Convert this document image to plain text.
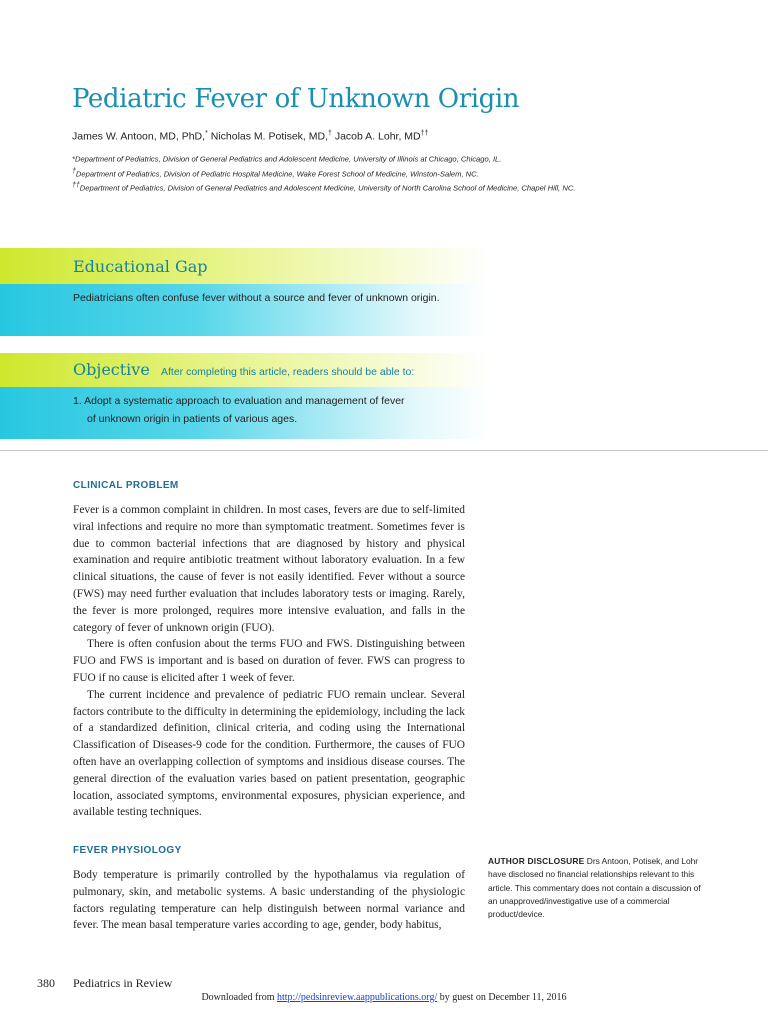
Pediatric Fever of Unknown Origin
James W. Antoon, MD, PhD,* Nicholas M. Potisek, MD,† Jacob A. Lohr, MD††
*Department of Pediatrics, Division of General Pediatrics and Adolescent Medicine, University of Illinois at Chicago, Chicago, IL.
†Department of Pediatrics, Division of Pediatric Hospital Medicine, Wake Forest School of Medicine, Winston-Salem, NC.
††Department of Pediatrics, Division of General Pediatrics and Adolescent Medicine, University of North Carolina School of Medicine, Chapel Hill, NC.
Educational Gap
Pediatricians often confuse fever without a source and fever of unknown origin.
Objective After completing this article, readers should be able to:
1. Adopt a systematic approach to evaluation and management of fever
of unknown origin in patients of various ages.
CLINICAL PROBLEM

Fever is a common complaint in children. In most cases, fevers are due to self-limited viral infections and require no more than symptomatic treatment. Sometimes fever is due to common bacterial infections that are diagnosed by history and physical examination and require antibiotic treatment without laboratory evaluation. In a few clinical situations, the cause of fever is not easily identified. Fever without a source (FWS) may need further evaluation that includes laboratory tests or imaging. Rarely, the fever is more prolonged, requires more intensive evaluation, and falls in the category of fever of unknown origin (FUO).

There is often confusion about the terms FUO and FWS. Distinguishing between FUO and FWS is important and is based on duration of fever. FWS can progress to FUO if no cause is elicited after 1 week of fever.

The current incidence and prevalence of pediatric FUO remain unclear. Several factors contribute to the difficulty in determining the epidemiology, including the lack of a standardized definition, clinical criteria, and coding using the International Classification of Diseases-9 code for the condition. Furthermore, the causes of FUO often have an overlapping collection of symptoms and insidious disease courses. The general direction of the evaluation varies based on patient presentation, geographic location, associated symptoms, environmental exposures, physician experience, and available testing techniques.

FEVER PHYSIOLOGY

Body temperature is primarily controlled by the hypothalamus via regulation of pulmonary, skin, and metabolic systems. A basic understanding of the physiologic factors regulating temperature can help distinguish between normal variance and fever. The mean basal temperature varies according to age, gender, body habitus,

AUTHOR DISCLOSURE Drs Antoon, Potisek, and Lohr have disclosed no financial relationships relevant to this article. This commentary does not contain a discussion of an unapproved/investigative use of a commercial product/device.
380 Pediatrics in Review
Downloaded from http://pedsinreview.aappublications.org/ by guest on December 11, 2016
